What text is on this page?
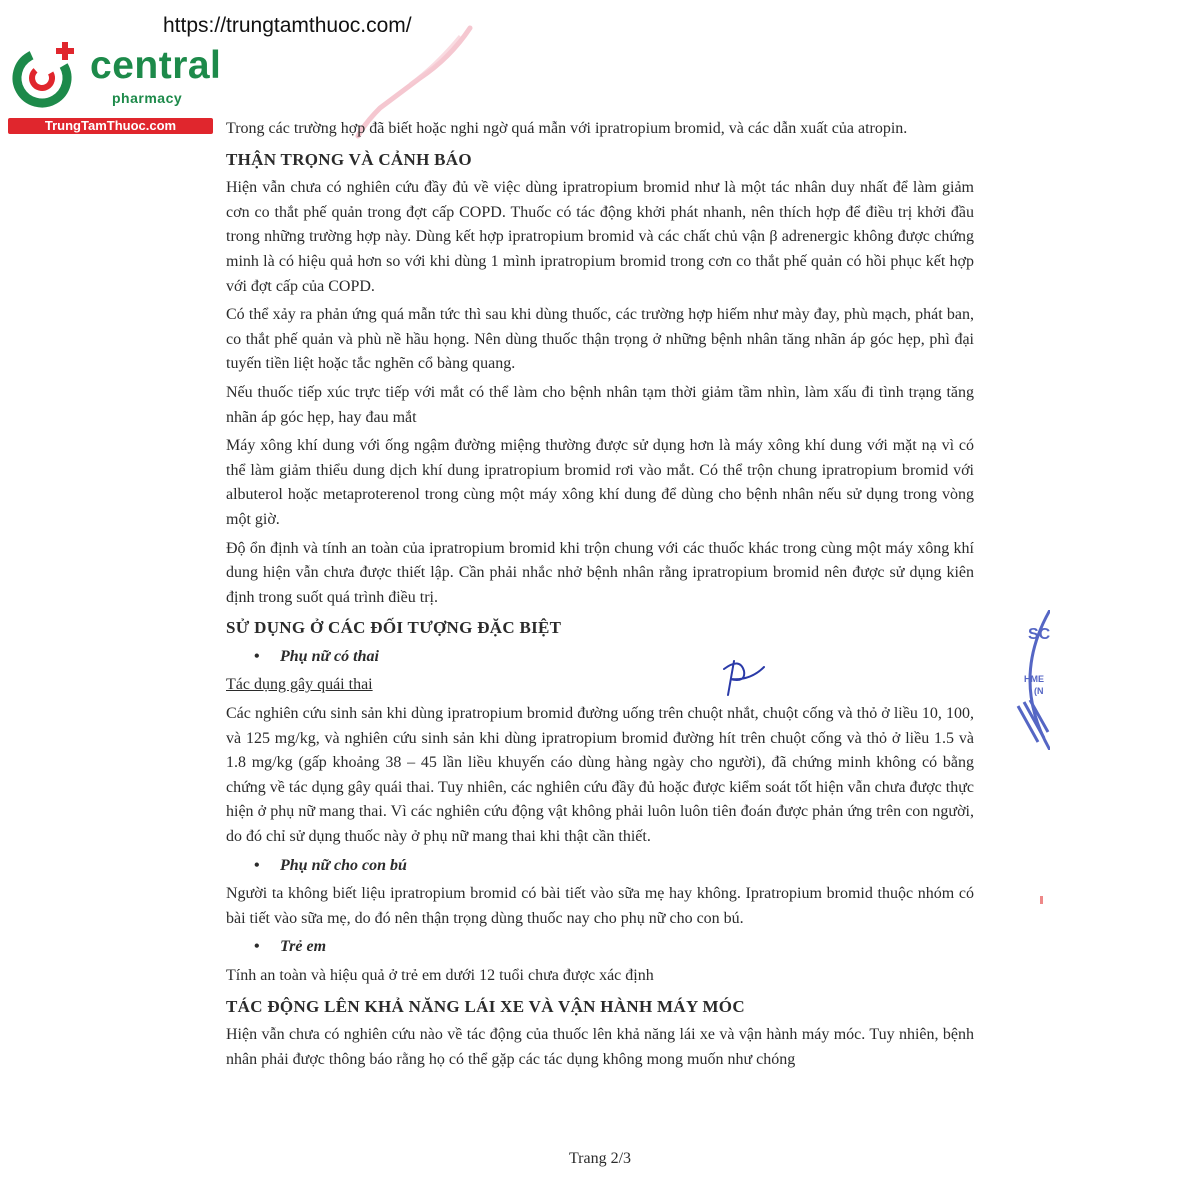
https://trungtamthuoc.com/
central
pharmacy
TrungTamThuoc.com	Trong các trường hợp đã biết hoặc nghi ngờ quá mẫn với ipratropium bromid, và các dẫn xuất của atropin.

THẬN TRỌNG VÀ CẢNH BÁO

Hiện vẫn chưa có nghiên cứu đầy đủ về việc dùng ipratropium bromid như là một tác nhân duy nhất để làm giảm cơn co thắt phế quản trong đợt cấp COPD. Thuốc có tác động khởi phát nhanh, nên thích hợp để điều trị khởi đầu trong những trường hợp này. Dùng kết hợp ipratropium bromid và các chất chủ vận β adrenergic không được chứng minh là có hiệu quả hơn so với khi dùng 1 mình ipratropium bromid trong cơn co thắt phế quản có hồi phục kết hợp với đợt cấp của COPD.

Có thể xảy ra phản ứng quá mẫn tức thì sau khi dùng thuốc, các trường hợp hiếm như mày đay, phù mạch, phát ban, co thắt phế quản và phù nề hầu họng. Nên dùng thuốc thận trọng ở những bệnh nhân tăng nhãn áp góc hẹp, phì đại tuyến tiền liệt hoặc tắc nghẽn cổ bàng quang.

Nếu thuốc tiếp xúc trực tiếp với mắt có thể làm cho bệnh nhân tạm thời giảm tầm nhìn, làm xấu đi tình trạng tăng nhãn áp góc hẹp, hay đau mắt

Máy xông khí dung với ống ngậm đường miệng thường được sử dụng hơn là máy xông khí dung với mặt nạ vì có thể làm giảm thiểu dung dịch khí dung ipratropium bromid rơi vào mắt. Có thể trộn chung ipratropium bromid với albuterol hoặc metaproterenol trong cùng một máy xông khí dung để dùng cho bệnh nhân nếu sử dụng trong vòng một giờ.

Độ ổn định và tính an toàn của ipratropium bromid khi trộn chung với các thuốc khác trong cùng một máy xông khí dung hiện vẫn chưa được thiết lập. Cần phải nhắc nhở bệnh nhân rằng ipratropium bromid nên được sử dụng kiên định trong suốt quá trình điều trị.

SỬ DỤNG Ở CÁC ĐỐI TƯỢNG ĐẶC BIỆT
• Phụ nữ có thai
Tác dụng gây quái thai

Các nghiên cứu sinh sản khi dùng ipratropium bromid đường uống trên chuột nhắt, chuột cống và thỏ ở liều 10, 100, và 125 mg/kg, và nghiên cứu sinh sản khi dùng ipratropium bromid đường hít trên chuột cống và thỏ ở liều 1.5 và 1.8 mg/kg (gấp khoảng 38 – 45 lần liều khuyến cáo dùng hàng ngày cho người), đã chứng minh không có bằng chứng về tác dụng gây quái thai. Tuy nhiên, các nghiên cứu đầy đủ hoặc được kiểm soát tốt hiện vẫn chưa được thực hiện ở phụ nữ mang thai. Vì các nghiên cứu động vật không phải luôn luôn tiên đoán được phản ứng trên con người, do đó chỉ sử dụng thuốc này ở phụ nữ mang thai khi thật cần thiết.

• Phụ nữ cho con bú

Người ta không biết liệu ipratropium bromid có bài tiết vào sữa mẹ hay không. Ipratropium bromid thuộc nhóm có bài tiết vào sữa mẹ, do đó nên thận trọng dùng thuốc nay cho phụ nữ cho con bú.

• Trẻ em

Tính an toàn và hiệu quả ở trẻ em dưới 12 tuổi chưa được xác định

TÁC ĐỘNG LÊN KHẢ NĂNG LÁI XE VÀ VẬN HÀNH MÁY MÓC

Hiện vẫn chưa có nghiên cứu nào về tác động của thuốc lên khả năng lái xe và vận hành máy móc. Tuy nhiên, bệnh nhân phải được thông báo rằng họ có thể gặp các tác dụng không mong muốn như chóng

SC
HME
(N
Trang 2/3
